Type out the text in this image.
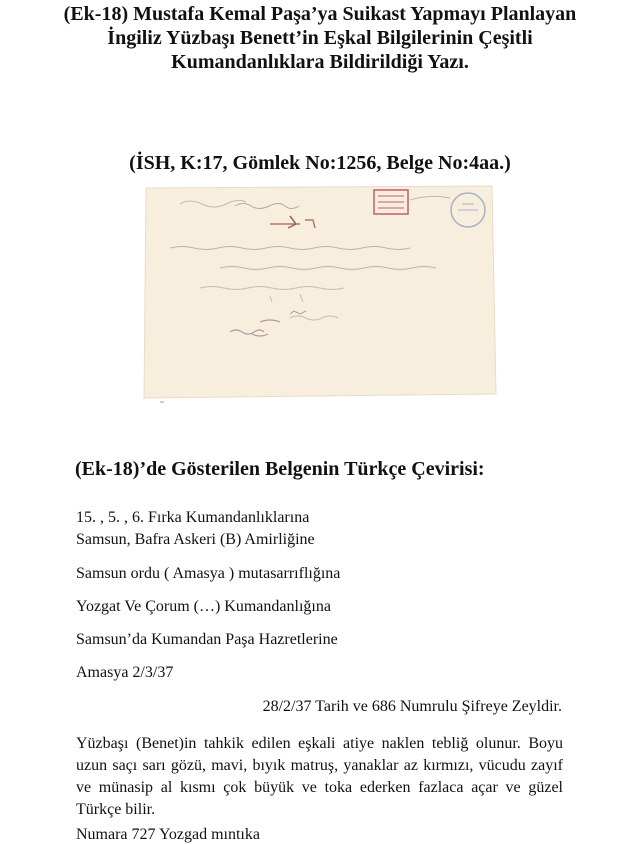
(Ek-18) Mustafa Kemal Paşa’ya Suikast Yapmayı Planlayan İngiliz Yüzbaşı Benett’in Eşkal Bilgilerinin Çeşitli Kumandanlıklara Bildirildiği Yazı.
(İSH, K:17, Gömlek No:1256, Belge No:4aa.)
(Ek-18)’de Gösterilen Belgenin Türkçe Çevirisi:
15. , 5. , 6. Fırka Kumandanlıklarına
Samsun, Bafra Askeri (B) Amirliğine
Samsun ordu ( Amasya ) mutasarrıflığına
Yozgat Ve Çorum (…) Kumandanlığına
Samsun’da Kumandan Paşa Hazretlerine
Amasya 2/3/37
28/2/37 Tarih ve 686 Numrulu Şifreye Zeyldir.
Yüzbaşı (Benet)in tahkik edilen eşkali atiye naklen tebliğ olunur. Boyu uzun saçı sarı gözü, mavi, bıyık matruş, yanaklar az kırmızı, vücudu zayıf ve münasip al kısmı çok büyük ve toka ederken fazlaca açar ve güzel Türkçe bilir.
Numara 727 Yozgad mıntıka
